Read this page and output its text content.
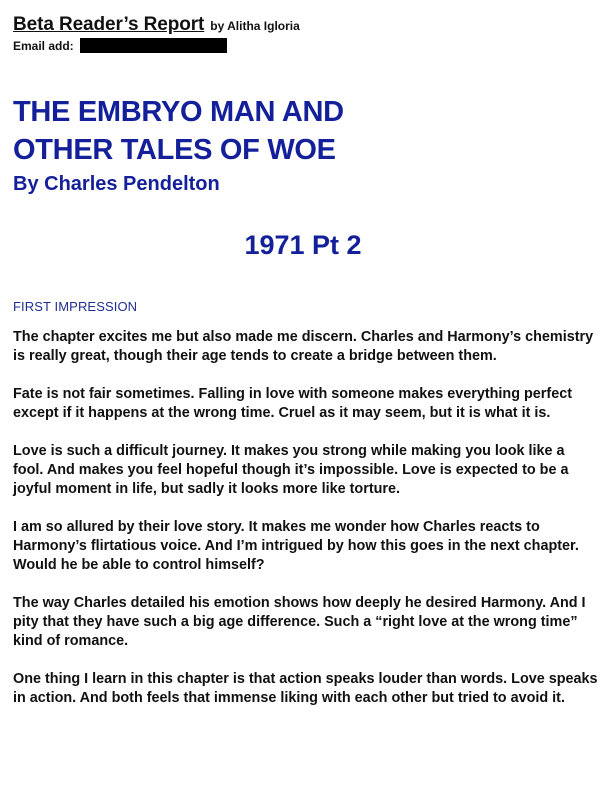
Beta Reader’s Report by Alitha Igloria
Email add:
THE EMBRYO MAN AND
OTHER TALES OF WOE
By Charles Pendelton
1971 Pt 2
FIRST IMPRESSION

The chapter excites me but also made me discern. Charles and Harmony’s chemistry is really great, though their age tends to create a bridge between them.

Fate is not fair sometimes. Falling in love with someone makes everything perfect except if it happens at the wrong time. Cruel as it may seem, but it is what it is.

Love is such a difficult journey. It makes you strong while making you look like a fool. And makes you feel hopeful though it’s impossible. Love is expected to be a joyful moment in life, but sadly it looks more like torture.

I am so allured by their love story. It makes me wonder how Charles reacts to Harmony’s flirtatious voice. And I’m intrigued by how this goes in the next chapter. Would he be able to control himself?

The way Charles detailed his emotion shows how deeply he desired Harmony. And I pity that they have such a big age difference. Such a “right love at the wrong time” kind of romance.

One thing I learn in this chapter is that action speaks louder than words. Love speaks in action. And both feels that immense liking with each other but tried to avoid it.
